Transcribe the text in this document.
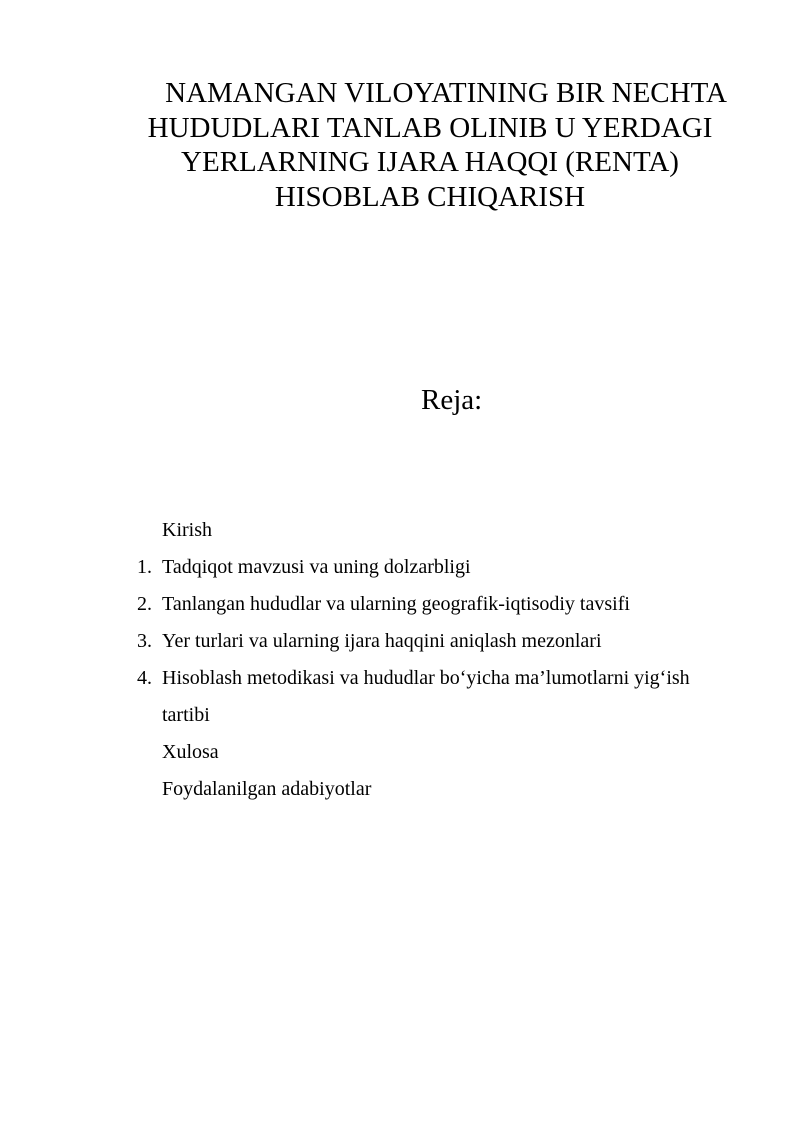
NAMANGAN VILOYATINING BIR NECHTA HUDUDLARI TANLAB OLINIB U YERDAGI YERLARNING IJARA HAQQI (RENTA) HISOBLAB CHIQARISH
Reja:
Kirish
1. Tadqiqot mavzusi va uning dolzarbligi
2. Tanlangan hududlar va ularning geografik-iqtisodiy tavsifi
3. Yer turlari va ularning ijara haqqini aniqlash mezonlari
4. Hisoblash metodikasi va hududlar bo‘yicha ma’lumotlarni yig‘ish tartibi
Xulosa
Foydalanilgan adabiyotlar
